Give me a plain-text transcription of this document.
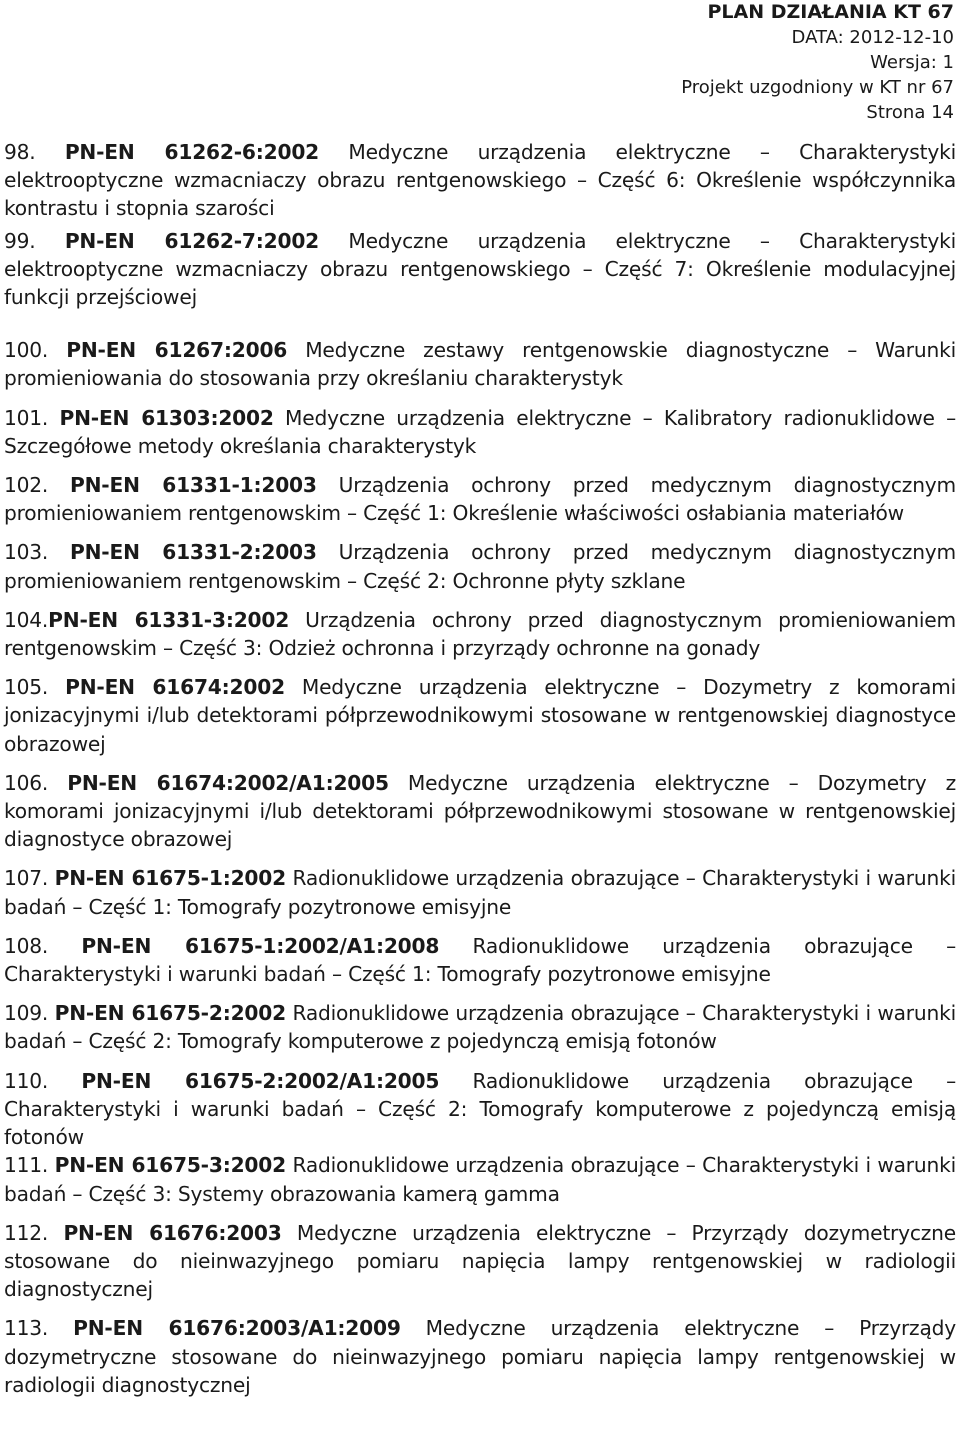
PLAN DZIAŁANIA KT 67
DATA: 2012-12-10
Wersja: 1
Projekt uzgodniony w KT nr 67
Strona 14

98. PN-EN 61262-6:2002 Medyczne urządzenia elektryczne – Charakterystyki elektrooptyczne wzmacniaczy obrazu rentgenowskiego – Część 6: Określenie współczynnika kontrastu i stopnia szarości

99. PN-EN 61262-7:2002 Medyczne urządzenia elektryczne – Charakterystyki elektrooptyczne wzmacniaczy obrazu rentgenowskiego – Część 7: Określenie modulacyjnej funkcji przejściowej

100. PN-EN 61267:2006 Medyczne zestawy rentgenowskie diagnostyczne – Warunki promieniowania do stosowania przy określaniu charakterystyk

101. PN-EN 61303:2002 Medyczne urządzenia elektryczne – Kalibratory radionuklidowe – Szczegółowe metody określania charakterystyk

102. PN-EN 61331-1:2003 Urządzenia ochrony przed medycznym diagnostycznym promieniowaniem rentgenowskim – Część 1: Określenie właściwości osłabiania materiałów

103. PN-EN 61331-2:2003 Urządzenia ochrony przed medycznym diagnostycznym promieniowaniem rentgenowskim – Część 2: Ochronne płyty szklane

104.PN-EN 61331-3:2002 Urządzenia ochrony przed diagnostycznym promieniowaniem rentgenowskim – Część 3: Odzież ochronna i przyrządy ochronne na gonady

105. PN-EN 61674:2002 Medyczne urządzenia elektryczne – Dozymetry z komorami jonizacyjnymi i/lub detektorami półprzewodnikowymi stosowane w rentgenowskiej diagnostyce obrazowej

106. PN-EN 61674:2002/A1:2005 Medyczne urządzenia elektryczne – Dozymetry z komorami jonizacyjnymi i/lub detektorami półprzewodnikowymi stosowane w rentgenowskiej diagnostyce obrazowej

107. PN-EN 61675-1:2002 Radionuklidowe urządzenia obrazujące – Charakterystyki i warunki badań – Część 1: Tomografy pozytronowe emisyjne

108. PN-EN 61675-1:2002/A1:2008 Radionuklidowe urządzenia obrazujące – Charakterystyki i warunki badań – Część 1: Tomografy pozytronowe emisyjne

109. PN-EN 61675-2:2002 Radionuklidowe urządzenia obrazujące – Charakterystyki i warunki badań – Część 2: Tomografy komputerowe z pojedynczą emisją fotonów

110. PN-EN 61675-2:2002/A1:2005 Radionuklidowe urządzenia obrazujące – Charakterystyki i warunki badań – Część 2: Tomografy komputerowe z pojedynczą emisją fotonów

111. PN-EN 61675-3:2002 Radionuklidowe urządzenia obrazujące – Charakterystyki i warunki badań – Część 3: Systemy obrazowania kamerą gamma

112. PN-EN 61676:2003 Medyczne urządzenia elektryczne – Przyrządy dozymetryczne stosowane do nieinwazyjnego pomiaru napięcia lampy rentgenowskiej w radiologii diagnostycznej

113. PN-EN 61676:2003/A1:2009 Medyczne urządzenia elektryczne – Przyrządy dozymetryczne stosowane do nieinwazyjnego pomiaru napięcia lampy rentgenowskiej w radiologii diagnostycznej
